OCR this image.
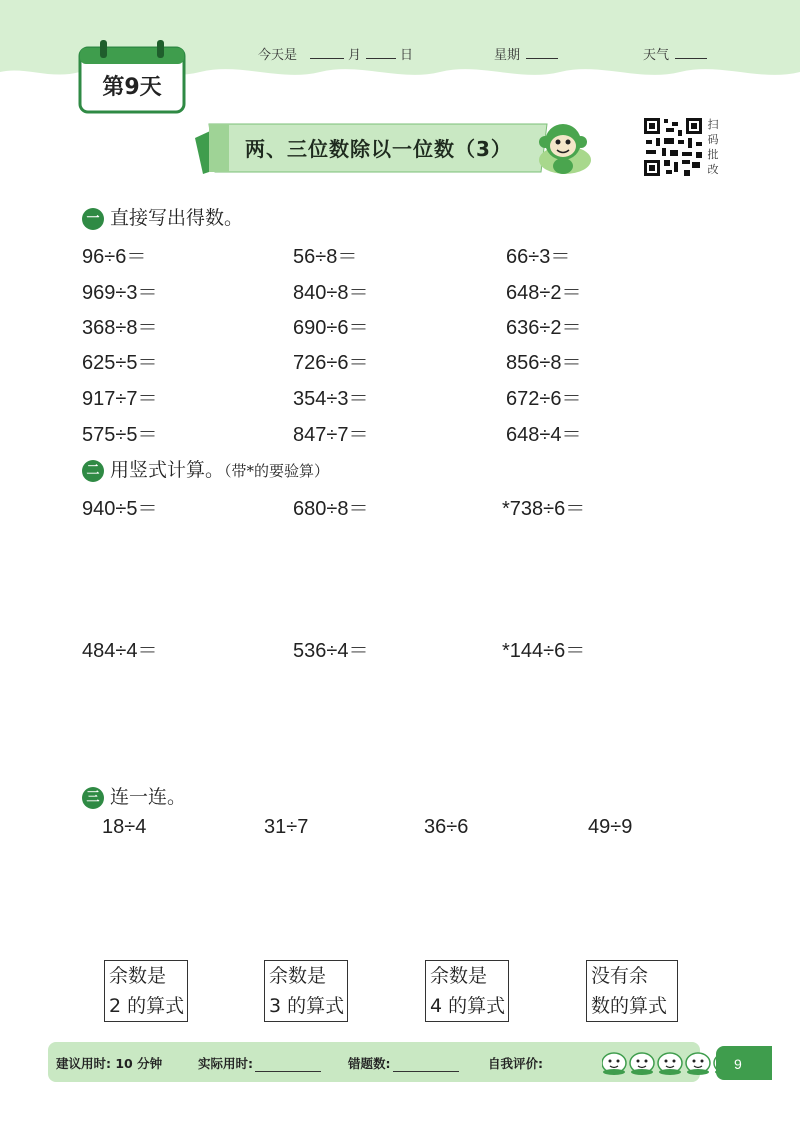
第9天
今天是	月	日	星期	天气
两、三位数除以一位数（3）
扫
码
批
改
一 直接写出得数。
96÷6＝	56÷8＝	66÷3＝
969÷3＝	840÷8＝	648÷2＝
368÷8＝	690÷6＝	636÷2＝
625÷5＝	726÷6＝	856÷8＝
917÷7＝	354÷3＝	672÷6＝
575÷5＝	847÷7＝	648÷4＝
二 用竖式计算。（带*的要验算）
940÷5＝	680÷8＝	*738÷6＝
484÷4＝	536÷4＝	*144÷6＝
三 连一连。
18÷4	31÷7	36÷6	49÷9
余数是
2 的算式
余数是
3 的算式
余数是
4 的算式
没有余
数的算式
建议用时: 10 分钟	实际用时:	错题数:	自我评价:	9
